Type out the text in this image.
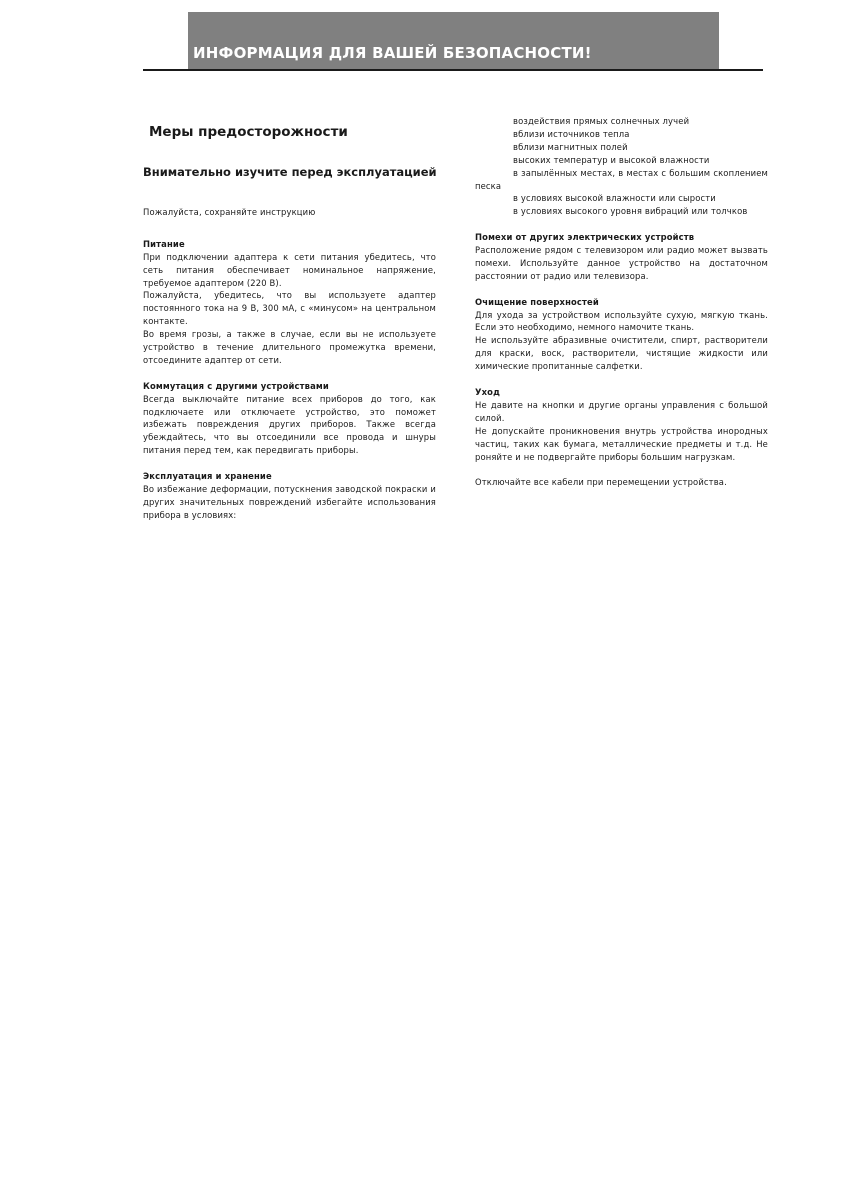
ИНФОРМАЦИЯ ДЛЯ ВАШЕЙ БЕЗОПАСНОСТИ!
Меры предосторожности
Внимательно изучите перед эксплуатацией

Пожалуйста, сохраняйте инструкцию

Питание

При подключении адаптера к сети питания убедитесь, что сеть питания обеспечивает номинальное напряжение, требуемое адаптером (220 В).

Пожалуйста, убедитесь, что вы используете адаптер постоянного тока на 9 В, 300 мА, с «минусом» на центральном контакте.

Во время грозы, а также в случае, если вы не используете устройство в течение длительного промежутка времени, отсоедините адаптер от сети.

Коммутация с другими устройствами

Всегда выключайте питание всех приборов до того, как подключаете или отключаете устройство, это поможет избежать повреждения других приборов. Также всегда убеждайтесь, что вы отсоединили все провода и шнуры питания перед тем, как передвигать приборы.

Эксплуатация и хранение

Во избежание деформации, потускнения заводской покраски и других значительных повреждений избегайте использования прибора в условиях:

воздействия прямых солнечных лучей

вблизи источников тепла

вблизи магнитных полей

высоких температур и высокой влажности

в запылённых местах, в местах с большим скоплением песка

в условиях высокой влажности или сырости

в условиях высокого уровня вибраций или толчков

Помехи от других электрических устройств

Расположение рядом с телевизором или радио может вызвать помехи. Используйте данное устройство на достаточном расстоянии от радио или телевизора.

Очищение поверхностей

Для ухода за устройством используйте сухую, мягкую ткань. Если это необходимо, немного намочите ткань.

Не используйте абразивные очистители, спирт, растворители для краски, воск, растворители, чистящие жидкости или химические пропитанные салфетки.

Уход

Не давите на кнопки и другие органы управления с большой силой.

Не допускайте проникновения внутрь устройства инородных частиц, таких как бумага, металлические предметы и т.д. Не роняйте и не подвергайте приборы большим нагрузкам.

Отключайте все кабели при перемещении устройства.
